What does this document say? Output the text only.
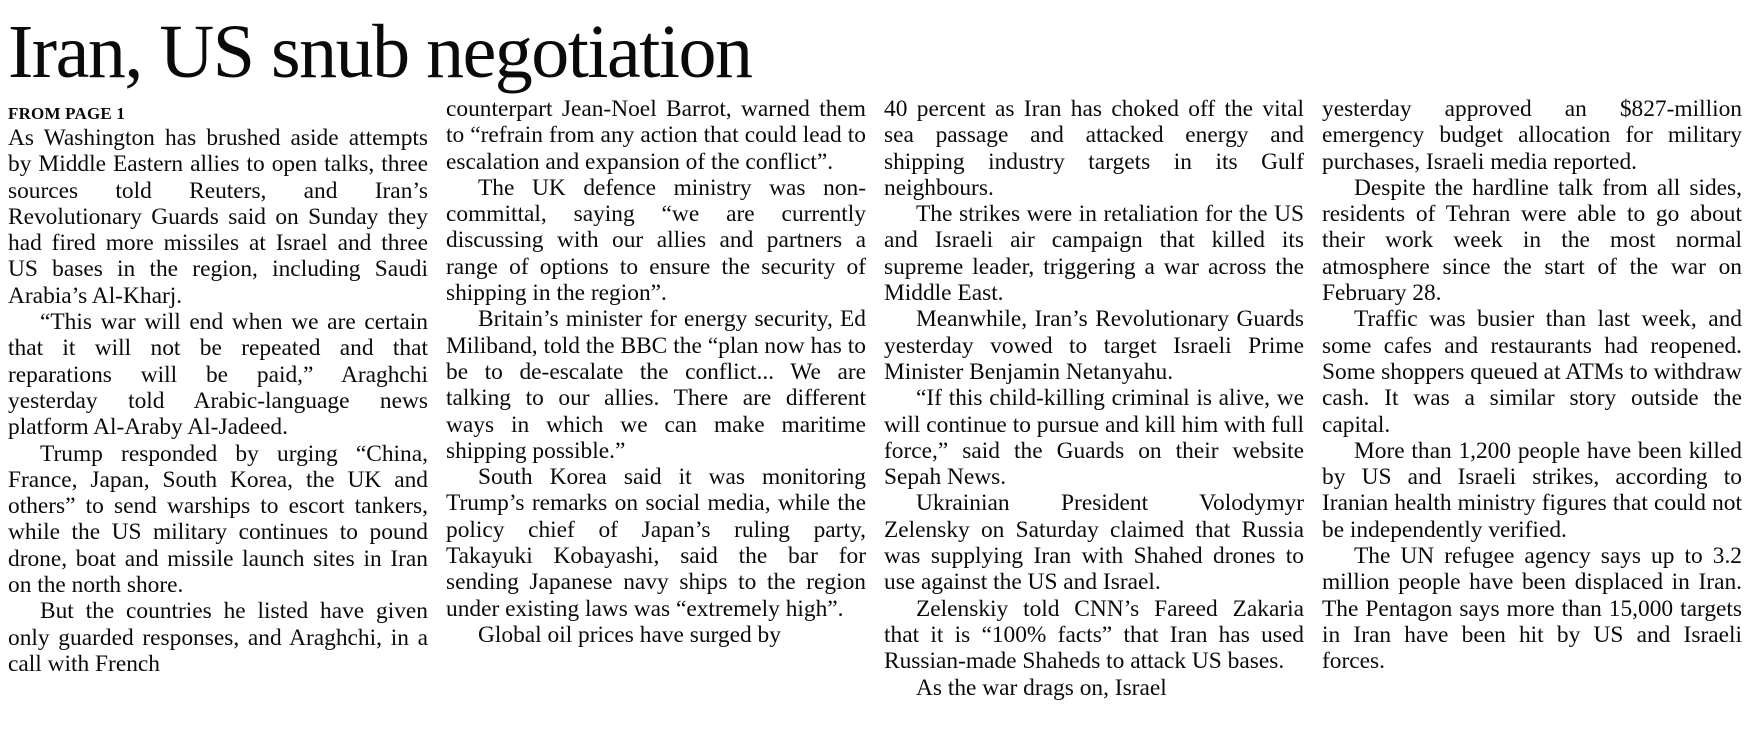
Iran, US snub negotiation
FROM PAGE 1

As Washington has brushed aside attempts by Middle Eastern allies to open talks, three sources told Reuters, and Iran’s Revolutionary Guards said on Sunday they had fired more missiles at Israel and three US bases in the region, including Saudi Arabia’s Al-Kharj.

“This war will end when we are certain that it will not be repeated and that reparations will be paid,” Araghchi yesterday told Arabic-language news platform Al-Araby Al-Jadeed.

Trump responded by urging “China, France, Japan, South Korea, the UK and others” to send warships to escort tankers, while the US military continues to pound drone, boat and missile launch sites in Iran on the north shore.

But the countries he listed have given only guarded responses, and Araghchi, in a call with French

counterpart Jean-Noel Barrot, warned them to “refrain from any action that could lead to escalation and expansion of the conflict”.

The UK defence ministry was non-committal, saying “we are currently discussing with our allies and partners a range of options to ensure the security of shipping in the region”.

Britain’s minister for energy security, Ed Miliband, told the BBC the “plan now has to be to de-escalate the conflict... We are talking to our allies. There are different ways in which we can make maritime shipping possible.”

South Korea said it was monitoring Trump’s remarks on social media, while the policy chief of Japan’s ruling party, Takayuki Kobayashi, said the bar for sending Japanese navy ships to the region under existing laws was “extremely high”.

Global oil prices have surged by

40 percent as Iran has choked off the vital sea passage and attacked energy and shipping industry targets in its Gulf neighbours.

The strikes were in retaliation for the US and Israeli air campaign that killed its supreme leader, triggering a war across the Middle East.

Meanwhile, Iran’s Revolutionary Guards yesterday vowed to target Israeli Prime Minister Benjamin Netanyahu.

“If this child-killing criminal is alive, we will continue to pursue and kill him with full force,” said the Guards on their website Sepah News.

Ukrainian President Volodymyr Zelensky on Saturday claimed that Russia was supplying Iran with Shahed drones to use against the US and Israel.

Zelenskiy told CNN’s Fareed Zakaria that it is “100% facts” that Iran has used Russian-made Shaheds to attack US bases.

As the war drags on, Israel

yesterday approved an $827-million emergency budget allocation for military purchases, Israeli media reported.

Despite the hardline talk from all sides, residents of Tehran were able to go about their work week in the most normal atmosphere since the start of the war on February 28.

Traffic was busier than last week, and some cafes and restaurants had reopened. Some shoppers queued at ATMs to withdraw cash. It was a similar story outside the capital.

More than 1,200 people have been killed by US and Israeli strikes, according to Iranian health ministry figures that could not be independently verified.

The UN refugee agency says up to 3.2 million people have been displaced in Iran. The Pentagon says more than 15,000 targets in Iran have been hit by US and Israeli forces.
